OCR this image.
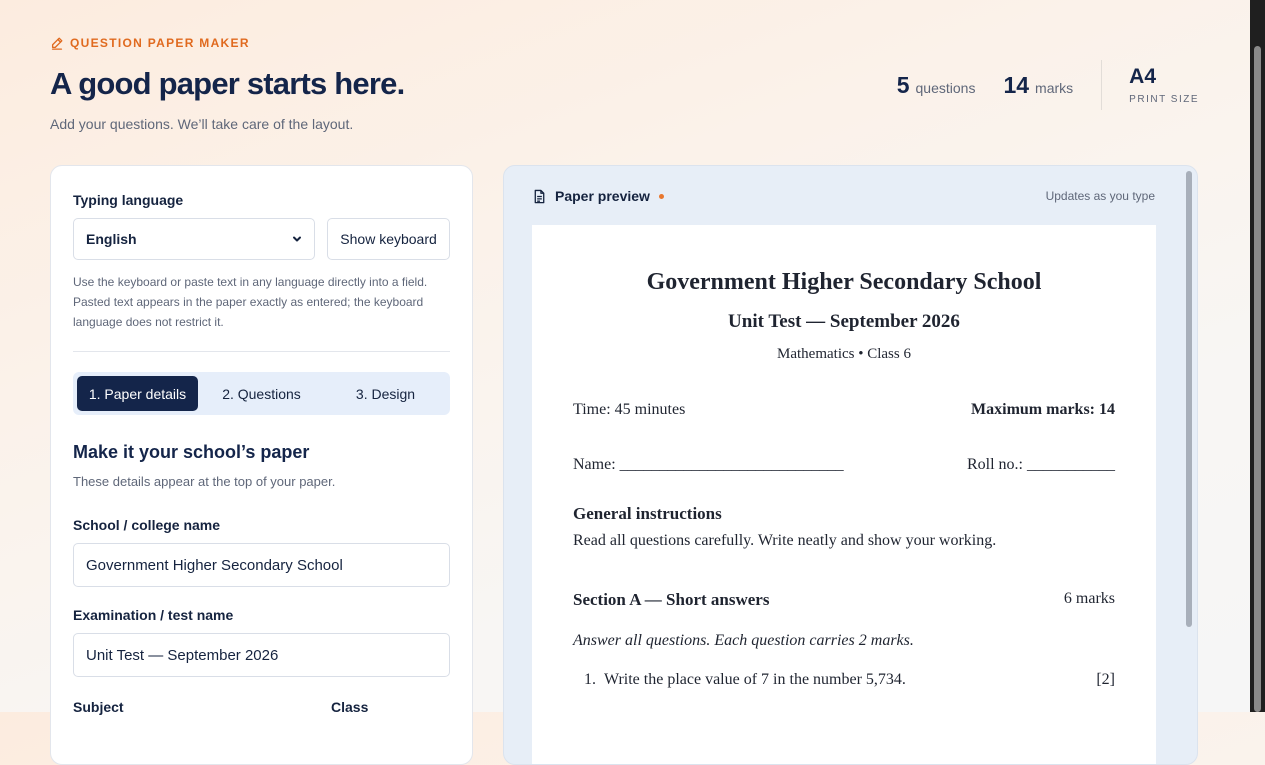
QUESTION PAPER MAKER
A good paper starts here.
Add your questions. We’ll take care of the layout.
5 questions 14 marks	A4
PRINT SIZE
Typing language
English	Show keyboard
Use the keyboard or paste text in any language directly into a field. Pasted text appears in the paper exactly as entered; the keyboard language does not restrict it.
1. Paper details	2. Questions	3. Design
Make it your school’s paper
These details appear at the top of your paper.
School / college name
Government Higher Secondary School
Examination / test name
Unit Test — September 2026
Subject	Class
Paper preview	Updates as you type
Government Higher Secondary School
Unit Test — September 2026
Mathematics • Class 6
Time: 45 minutes	Maximum marks: 14
Name: ____________________________	Roll no.: ___________
General instructions
Read all questions carefully. Write neatly and show your working.
Section A — Short answers	6 marks
Answer all questions. Each question carries 2 marks.
1. Write the place value of 7 in the number 5,734.	[2]
